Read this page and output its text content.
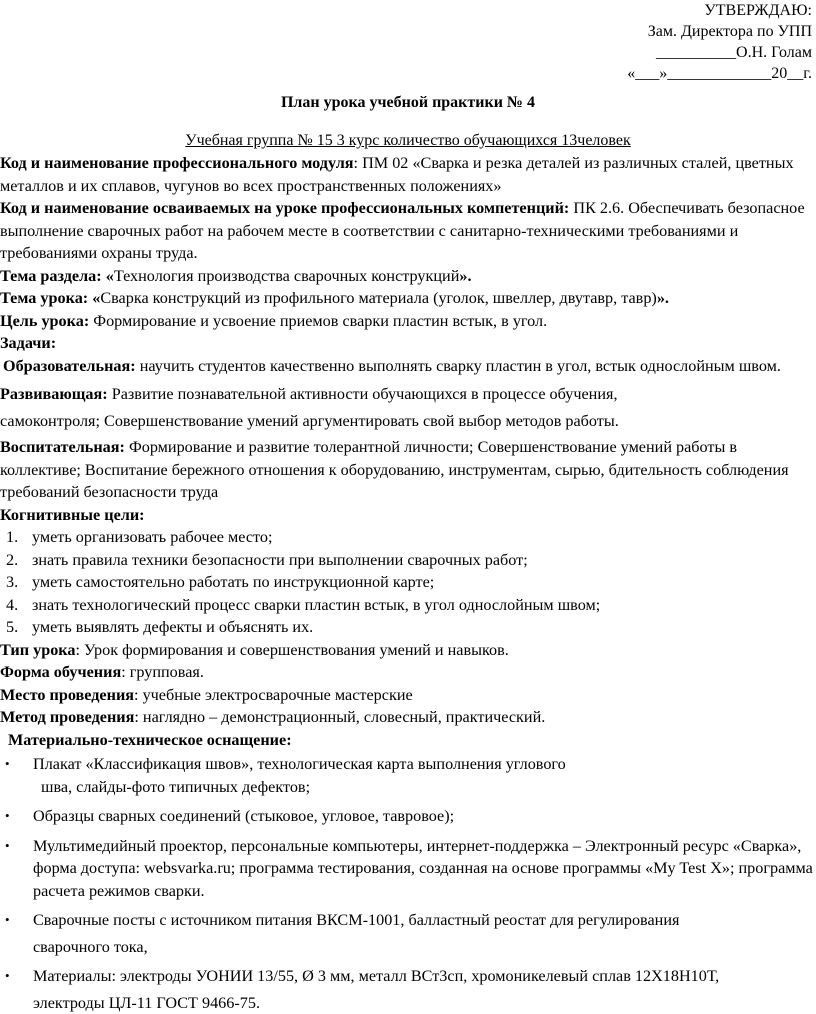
УТВЕРЖДАЮ:
Зам. Директора по УПП
__________О.Н. Голам
«___»_____________20__г.
План урока учебной практики № 4
Учебная группа № 15 3 курс количество обучающихся 13человек

Код и наименование профессионального модуля: ПМ 02 «Сварка и резка деталей из различных сталей, цветных металлов и их сплавов, чугунов во всех пространственных положениях»

Код и наименование осваиваемых на уроке профессиональных компетенций: ПК 2.6. Обеспечивать безопасное выполнение сварочных работ на рабочем месте в соответствии с санитарно-техническими требованиями и требованиями охраны труда.

Тема раздела: «Технология производства сварочных конструкций».

Тема урока: «Сварка конструкций из профильного материала (уголок, швеллер, двутавр, тавр)».

Цель урока: Формирование и усвоение приемов сварки пластин встык, в угол.

Задачи:

Образовательная: научить студентов качественно выполнять сварку пластин в угол, встык однослойным швом.

Развивающая: Развитие познавательной активности обучающихся в процессе обучения,

самоконтроля; Совершенствование умений аргументировать свой выбор методов работы.

Воспитательная: Формирование и развитие толерантной личности; Совершенствование умений работы в коллективе; Воспитание бережного отношения к оборудованию, инструментам, сырью, бдительность соблюдения требований безопасности труда

Когнитивные цели:

1. уметь организовать рабочее место;
2. знать правила техники безопасности при выполнении сварочных работ;
3. уметь самостоятельно работать по инструкционной карте;
4. знать технологический процесс сварки пластин встык, в угол однослойным швом;
5. уметь выявлять дефекты и объяснять их.

Тип урока: Урок формирования и совершенствования умений и навыков.

Форма обучения: групповая.

Место проведения: учебные электросварочные мастерские

Метод проведения: наглядно – демонстрационный, словесный, практический.

Материально-техническое оснащение:

• Плакат «Классификация швов», технологическая карта выполнения углового
шва, слайды-фото типичных дефектов;
• Образцы сварных соединений (стыковое, угловое, тавровое);
• Мультимедийный проектор, персональные компьютеры, интернет-поддержка – Электронный ресурс «Сварка», форма доступа: websvarka.ru; программа тестирования, созданная на основе программы «My Test X»; программа расчета режимов сварки.
• Сварочные посты с источником питания ВКСМ-1001, балластный реостат для регулирования
сварочного тока,
• Материалы: электроды УОНИИ 13/55, Ø 3 мм, металл ВСт3сп, хромоникелевый сплав 12Х18Н10Т,
электроды ЦЛ-11 ГОСТ 9466-75.
